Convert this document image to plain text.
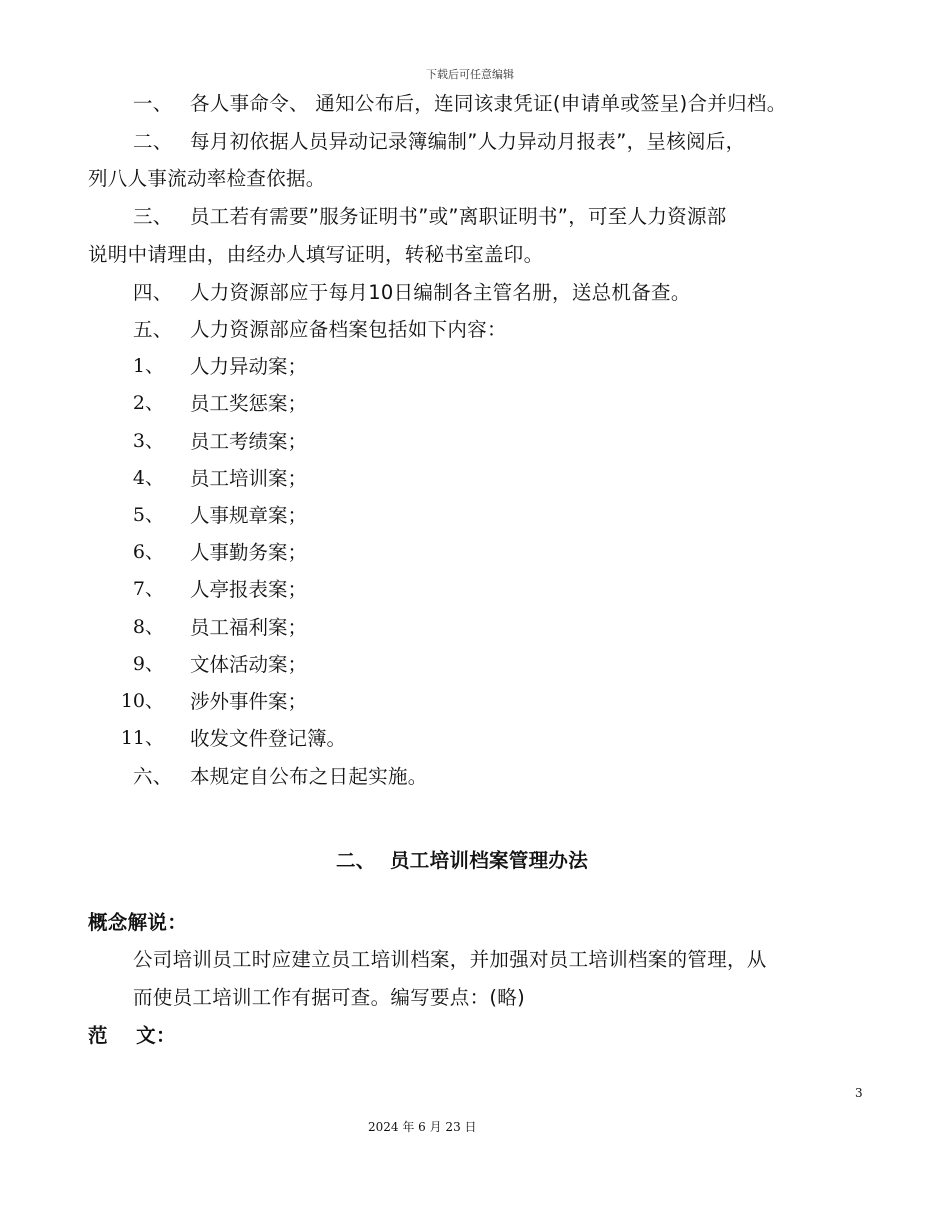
下载后可任意编辑
一、 各人事命令、 通知公布后，连同该隶凭证(申请单或签呈)合并归档。
二、 每月初依据人员异动记录簿编制”人力异动月报表”，呈核阅后，
列八人事流动率检查依据。
三、 员工若有需要”服务证明书”或”离职证明书”，可至人力资源部
说明中请理由，由经办人填写证明，转秘书室盖印。
四、 人力资源部应于每月10日编制各主管名册，送总机备查。
五、 人力资源部应备档案包括如下内容：
1、 人力异动案；
2、 员工奖惩案；
3、 员工考绩案；
4、 员工培训案；
5、 人事规章案；
6、 人事勤务案；
7、 人亭报表案；
8、 员工福利案；
9、 文体活动案；
10、 涉外事件案；
11、 收发文件登记簿。
六、 本规定自公布之日起实施。
二、 员工培训档案管理办法
概念解说：
公司培训员工时应建立员工培训档案，并加强对员工培训档案的管理，从
而使员工培训工作有据可查。编写要点：(略)
范    文：
3
2024 年 6 月 23 日
